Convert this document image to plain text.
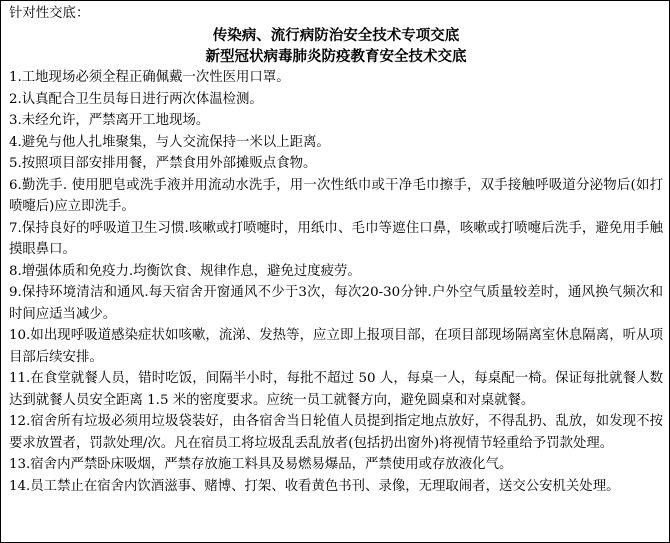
针对性交底：
传染病、流行病防治安全技术专项交底
新型冠状病毒肺炎防疫教育安全技术交底
1.工地现场必须全程正确佩戴一次性医用口罩。
2.认真配合卫生员每日进行两次体温检测。
3.未经允许，严禁离开工地现场。
4.避免与他人扎堆聚集，与人交流保持一米以上距离。
5.按照项目部安排用餐，严禁食用外部摊贩点食物。
6.勤洗手. 使用肥皂或洗手液并用流动水洗手，用一次性纸巾或干净毛巾擦手，双手接触呼吸道分泌物后(如打喷嚏后)应立即洗手。
7.保持良好的呼吸道卫生习惯.咳嗽或打喷嚏时，用纸巾、毛巾等遮住口鼻，咳嗽或打喷嚏后洗手，避免用手触摸眼鼻口。
8.增强体质和免疫力.均衡饮食、规律作息，避免过度疲劳。
9.保持环境清洁和通风.每天宿舍开窗通风不少于3次，每次20-30分钟.户外空气质量较差时，通风换气频次和时间应适当减少。
10.如出现呼吸道感染症状如咳嗽，流涕、发热等，应立即上报项目部，在项目部现场隔离室休息隔离，听从项目部后续安排。
11.在食堂就餐人员，错时吃饭，间隔半小时，每批不超过 50 人，每桌一人，每桌配一椅。保证每批就餐人数达到就餐人员安全距离 1.5 米的密度要求。应统一员工就餐方向，避免圆桌和对桌就餐。
12.宿舍所有垃圾必须用垃圾袋装好，由各宿舍当日轮值人员提到指定地点放好，不得乱扔、乱放，如发现不按要求放置者，罚款处理/次。凡在宿员工将垃圾乱丢乱放者(包括扔出窗外)将视情节轻重给予罚款处理。
13.宿舍内严禁卧床吸烟，严禁存放施工料具及易燃易爆品，严禁使用或存放液化气。
14.员工禁止在宿舍内饮酒滋事、赌博、打架、收看黄色书刊、录像，无理取闹者，送交公安机关处理。
